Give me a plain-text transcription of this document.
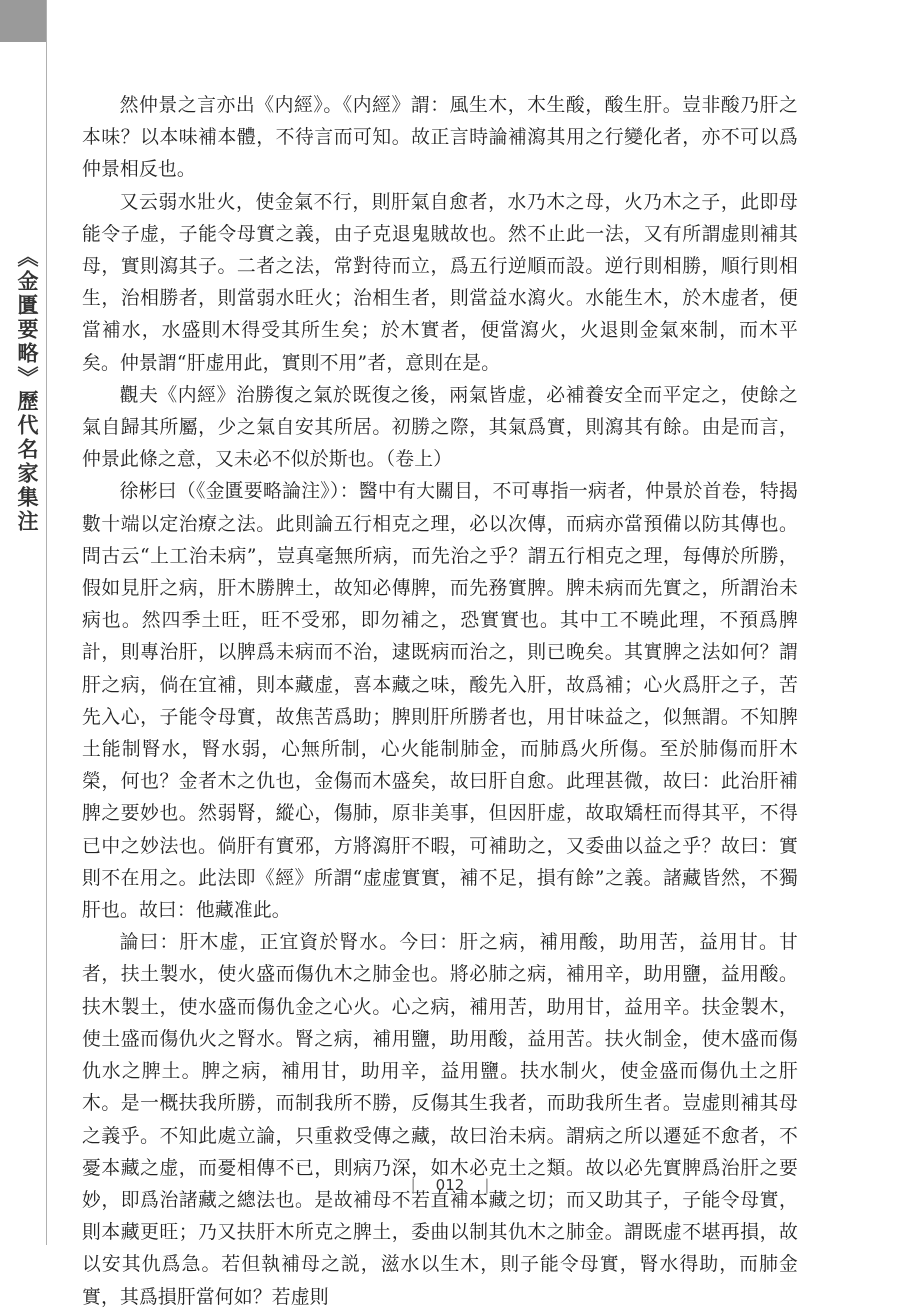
《金匱要略》歷代名家集注

然仲景之言亦出《内經》。《内經》謂：風生木，木生酸，酸生肝。豈非酸乃肝之本味？以本味補本體，不待言而可知。故正言時論補瀉其用之行變化者，亦不可以爲仲景相反也。

又云弱水壯火，使金氣不行，則肝氣自愈者，水乃木之母，火乃木之子，此即母能令子虚，子能令母實之義，由子克退鬼賊故也。然不止此一法，又有所謂虚則補其母，實則瀉其子。二者之法，常對待而立，爲五行逆順而設。逆行則相勝，順行則相生，治相勝者，則當弱水旺火；治相生者，則當益水瀉火。水能生木，於木虚者，便當補水，水盛則木得受其所生矣；於木實者，便當瀉火，火退則金氣來制，而木平矣。仲景謂“肝虚用此，實則不用”者，意則在是。

觀夫《内經》治勝復之氣於既復之後，兩氣皆虚，必補養安全而平定之，使餘之氣自歸其所屬，少之氣自安其所居。初勝之際，其氣爲實，則瀉其有餘。由是而言，仲景此條之意，又未必不似於斯也。（卷上）

徐彬曰（《金匱要略論注》）：醫中有大關目，不可專指一病者，仲景於首卷，特揭數十端以定治療之法。此則論五行相克之理，必以次傳，而病亦當預備以防其傳也。問古云“上工治未病”，豈真毫無所病，而先治之乎？謂五行相克之理，每傳於所勝，假如見肝之病，肝木勝脾土，故知必傳脾，而先務實脾。脾未病而先實之，所謂治未病也。然四季土旺，旺不受邪，即勿補之，恐實實也。其中工不曉此理，不預爲脾計，則專治肝，以脾爲未病而不治，逮既病而治之，則已晚矣。其實脾之法如何？謂肝之病，倘在宜補，則本藏虚，喜本藏之味，酸先入肝，故爲補；心火爲肝之子，苦先入心，子能令母實，故焦苦爲助；脾則肝所勝者也，用甘味益之，似無謂。不知脾土能制腎水，腎水弱，心無所制，心火能制肺金，而肺爲火所傷。至於肺傷而肝木榮，何也？金者木之仇也，金傷而木盛矣，故曰肝自愈。此理甚微，故曰：此治肝補脾之要妙也。然弱腎，縱心，傷肺，原非美事，但因肝虚，故取矯枉而得其平，不得已中之妙法也。倘肝有實邪，方將瀉肝不暇，可補助之，又委曲以益之乎？故曰：實則不在用之。此法即《經》所謂“虚虚實實，補不足，損有餘”之義。諸藏皆然，不獨肝也。故曰：他藏准此。

論曰：肝木虚，正宜資於腎水。今曰：肝之病，補用酸，助用苦，益用甘。甘者，扶土製水，使火盛而傷仇木之肺金也。將必肺之病，補用辛，助用鹽，益用酸。扶木製土，使水盛而傷仇金之心火。心之病，補用苦，助用甘，益用辛。扶金製木，使土盛而傷仇火之腎水。腎之病，補用鹽，助用酸，益用苦。扶火制金，使木盛而傷仇水之脾土。脾之病，補用甘，助用辛，益用鹽。扶水制火，使金盛而傷仇土之肝木。是一概扶我所勝，而制我所不勝，反傷其生我者，而助我所生者。豈虚則補其母之義乎。不知此處立論，只重救受傳之藏，故曰治未病。謂病之所以遷延不愈者，不憂本藏之虚，而憂相傳不已，則病乃深，如木必克土之類。故以必先實脾爲治肝之要妙，即爲治諸藏之總法也。是故補母不若直補本藏之切；而又助其子，子能令母實，則本藏更旺；乃又扶肝木所克之脾土，委曲以制其仇木之肺金。謂既虚不堪再損，故以安其仇爲急。若但執補母之説，滋水以生木，則子能令母實，腎水得助，而肺金實，其爲損肝當何如？若虚則

| 012 |
